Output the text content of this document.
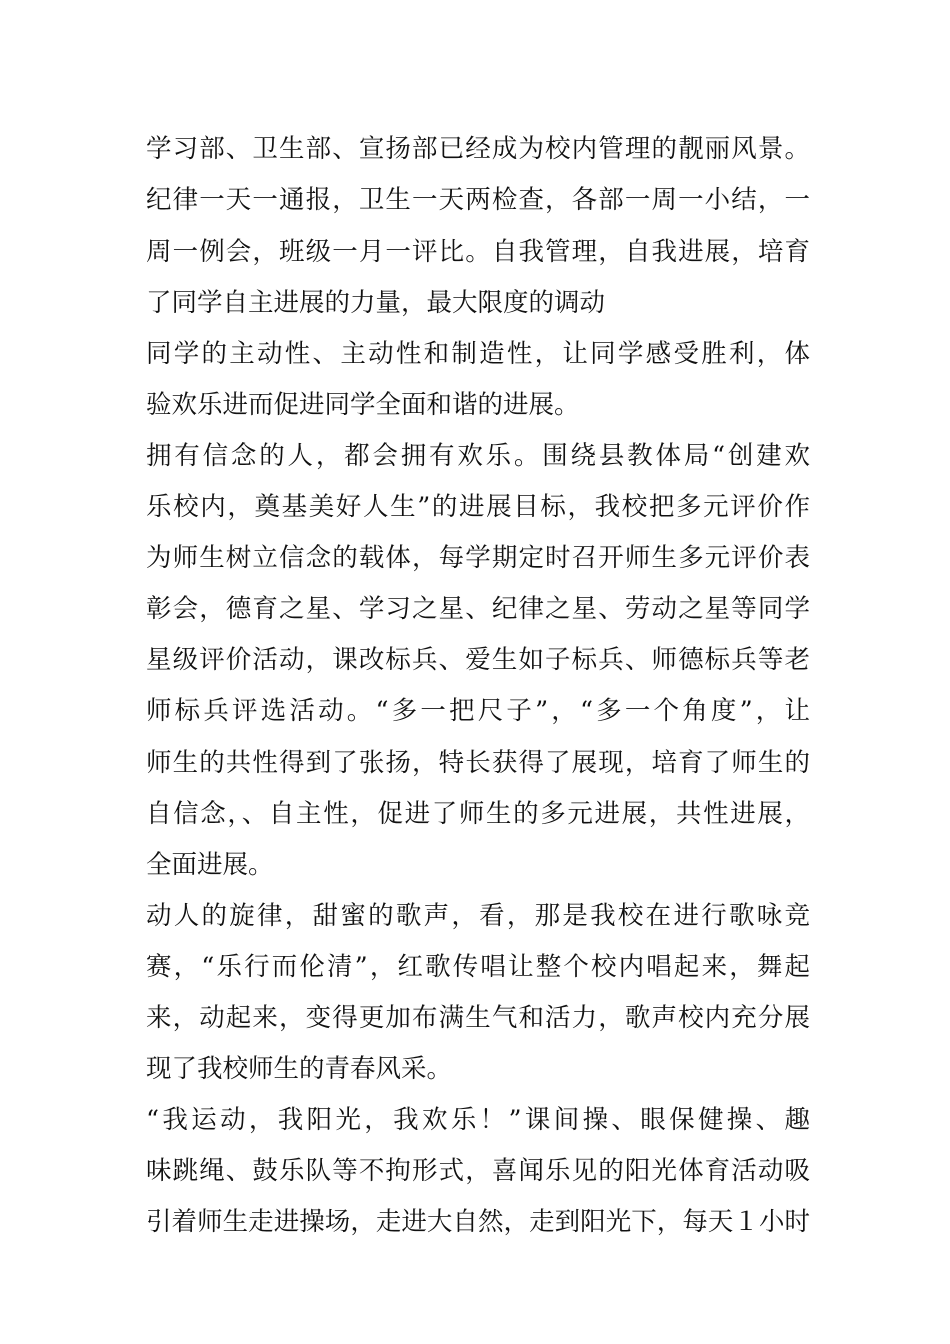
学习部、卫生部、宣扬部已经成为校内管理的靓丽风景。
纪律一天一通报，卫生一天两检查，各部一周一小结，一
周一例会，班级一月一评比。自我管理，自我进展，培育
了同学自主进展的力量，最大限度的调动
同学的主动性、主动性和制造性，让同学感受胜利，体
验欢乐进而促进同学全面和谐的进展。
拥有信念的人，都会拥有欢乐。围绕县教体局“创建欢
乐校内，奠基美好人生”的进展目标，我校把多元评价作
为师生树立信念的载体，每学期定时召开师生多元评价表
彰会，德育之星、学习之星、纪律之星、劳动之星等同学
星级评价活动，课改标兵、爱生如子标兵、师德标兵等老
师标兵评选活动。“多一把尺子”，“多一个角度”，让
师生的共性得到了张扬，特长获得了展现，培育了师生的
自信念，、自主性，促进了师生的多元进展，共性进展，
全面进展。
动人的旋律，甜蜜的歌声，看，那是我校在进行歌咏竞
赛，“乐行而伦清”，红歌传唱让整个校内唱起来，舞起
来，动起来，变得更加布满生气和活力，歌声校内充分展
现了我校师生的青春风采。
“我运动，我阳光，我欢乐！”课间操、眼保健操、趣
味跳绳、鼓乐队等不拘形式，喜闻乐见的阳光体育活动吸
引着师生走进操场，走进大自然，走到阳光下，每天１小时
